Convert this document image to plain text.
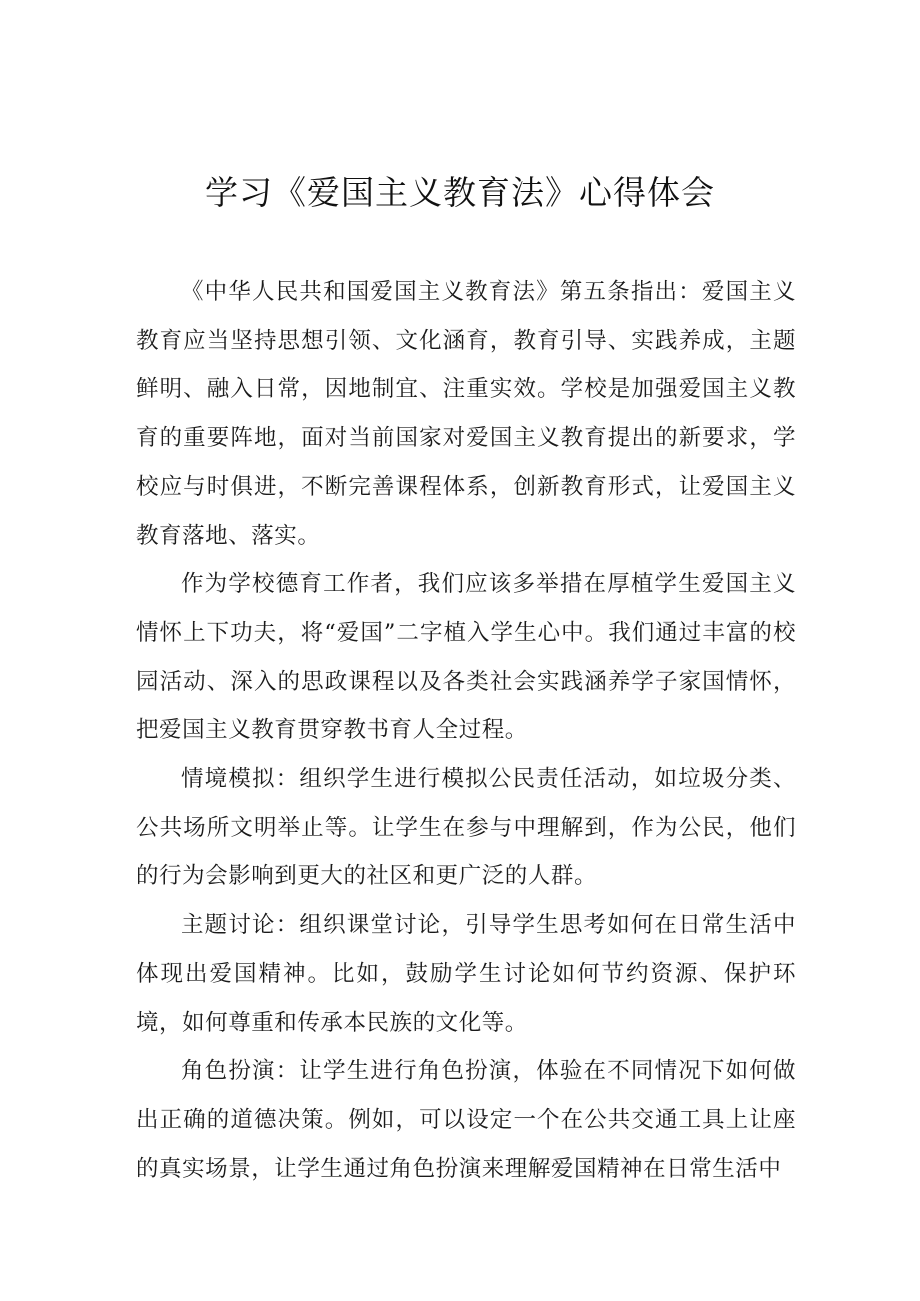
学习《爱国主义教育法》心得体会

《中华人民共和国爱国主义教育法》第五条指出：爱国主义教育应当坚持思想引领、文化涵育，教育引导、实践养成，主题鲜明、融入日常，因地制宜、注重实效。学校是加强爱国主义教育的重要阵地，面对当前国家对爱国主义教育提出的新要求，学校应与时俱进，不断完善课程体系，创新教育形式，让爱国主义教育落地、落实。

作为学校德育工作者，我们应该多举措在厚植学生爱国主义情怀上下功夫，将“爱国”二字植入学生心中。我们通过丰富的校园活动、深入的思政课程以及各类社会实践涵养学子家国情怀，把爱国主义教育贯穿教书育人全过程。

情境模拟：组织学生进行模拟公民责任活动，如垃圾分类、公共场所文明举止等。让学生在参与中理解到，作为公民，他们的行为会影响到更大的社区和更广泛的人群。

主题讨论：组织课堂讨论，引导学生思考如何在日常生活中体现出爱国精神。比如，鼓励学生讨论如何节约资源、保护环境，如何尊重和传承本民族的文化等。

角色扮演：让学生进行角色扮演，体验在不同情况下如何做出正确的道德决策。例如，可以设定一个在公共交通工具上让座的真实场景，让学生通过角色扮演来理解爱国精神在日常生活中
